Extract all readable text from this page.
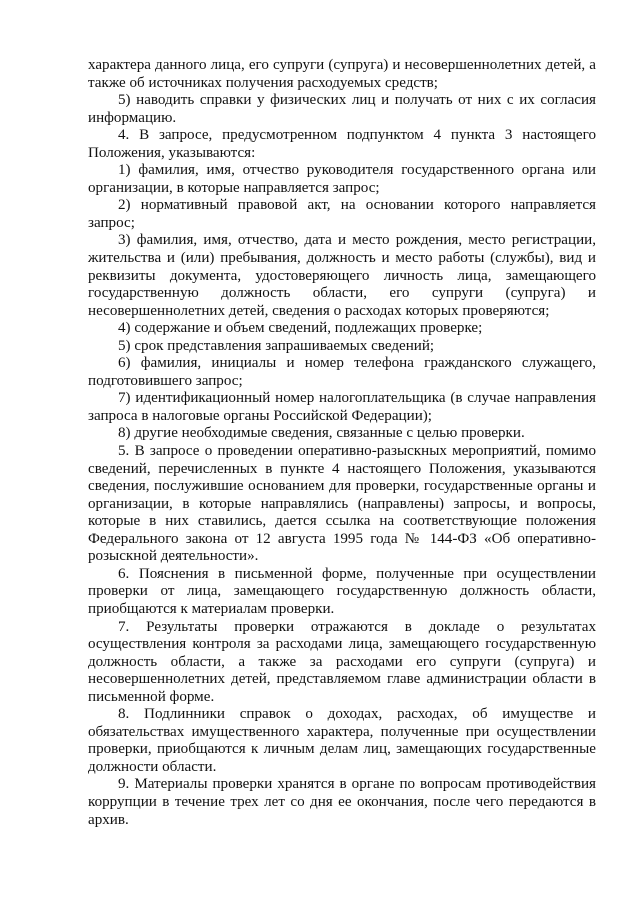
характера данного лица, его супруги (супруга) и несовершеннолетних детей, а также об источниках получения расходуемых средств;

5) наводить справки у физических лиц и получать от них с их согласия информацию.

4. В запросе, предусмотренном подпунктом 4 пункта 3 настоящего Положения, указываются:

1) фамилия, имя, отчество руководителя государственного органа или организации, в которые направляется запрос;

2) нормативный правовой акт, на основании которого направляется запрос;

3) фамилия, имя, отчество, дата и место рождения, место регистрации, жительства и (или) пребывания, должность и место работы (службы), вид и реквизиты документа, удостоверяющего личность лица, замещающего государственную должность области, его супруги (супруга) и несовершеннолетних детей, сведения о расходах которых проверяются;

4) содержание и объем сведений, подлежащих проверке;

5) срок представления запрашиваемых сведений;

6) фамилия, инициалы и номер телефона гражданского служащего, подготовившего запрос;

7) идентификационный номер налогоплательщика (в случае направления запроса в налоговые органы Российской Федерации);

8) другие необходимые сведения, связанные с целью проверки.

5. В запросе о проведении оперативно-разыскных мероприятий, помимо сведений, перечисленных в пункте 4 настоящего Положения, указываются сведения, послужившие основанием для проверки, государственные органы и организации, в которые направлялись (направлены) запросы, и вопросы, которые в них ставились, дается ссылка на соответствующие положения Федерального закона от 12 августа 1995 года № 144-ФЗ «Об оперативно-розыскной деятельности».

6. Пояснения в письменной форме, полученные при осуществлении проверки от лица, замещающего государственную должность области, приобщаются к материалам проверки.

7. Результаты проверки отражаются в докладе о результатах осуществления контроля за расходами лица, замещающего государственную должность области, а также за расходами его супруги (супруга) и несовершеннолетних детей, представляемом главе администрации области в письменной форме.

8. Подлинники справок о доходах, расходах, об имуществе и обязательствах имущественного характера, полученные при осуществлении проверки, приобщаются к личным делам лиц, замещающих государственные должности области.

9. Материалы проверки хранятся в органе по вопросам противодействия коррупции в течение трех лет со дня ее окончания, после чего передаются в архив.
